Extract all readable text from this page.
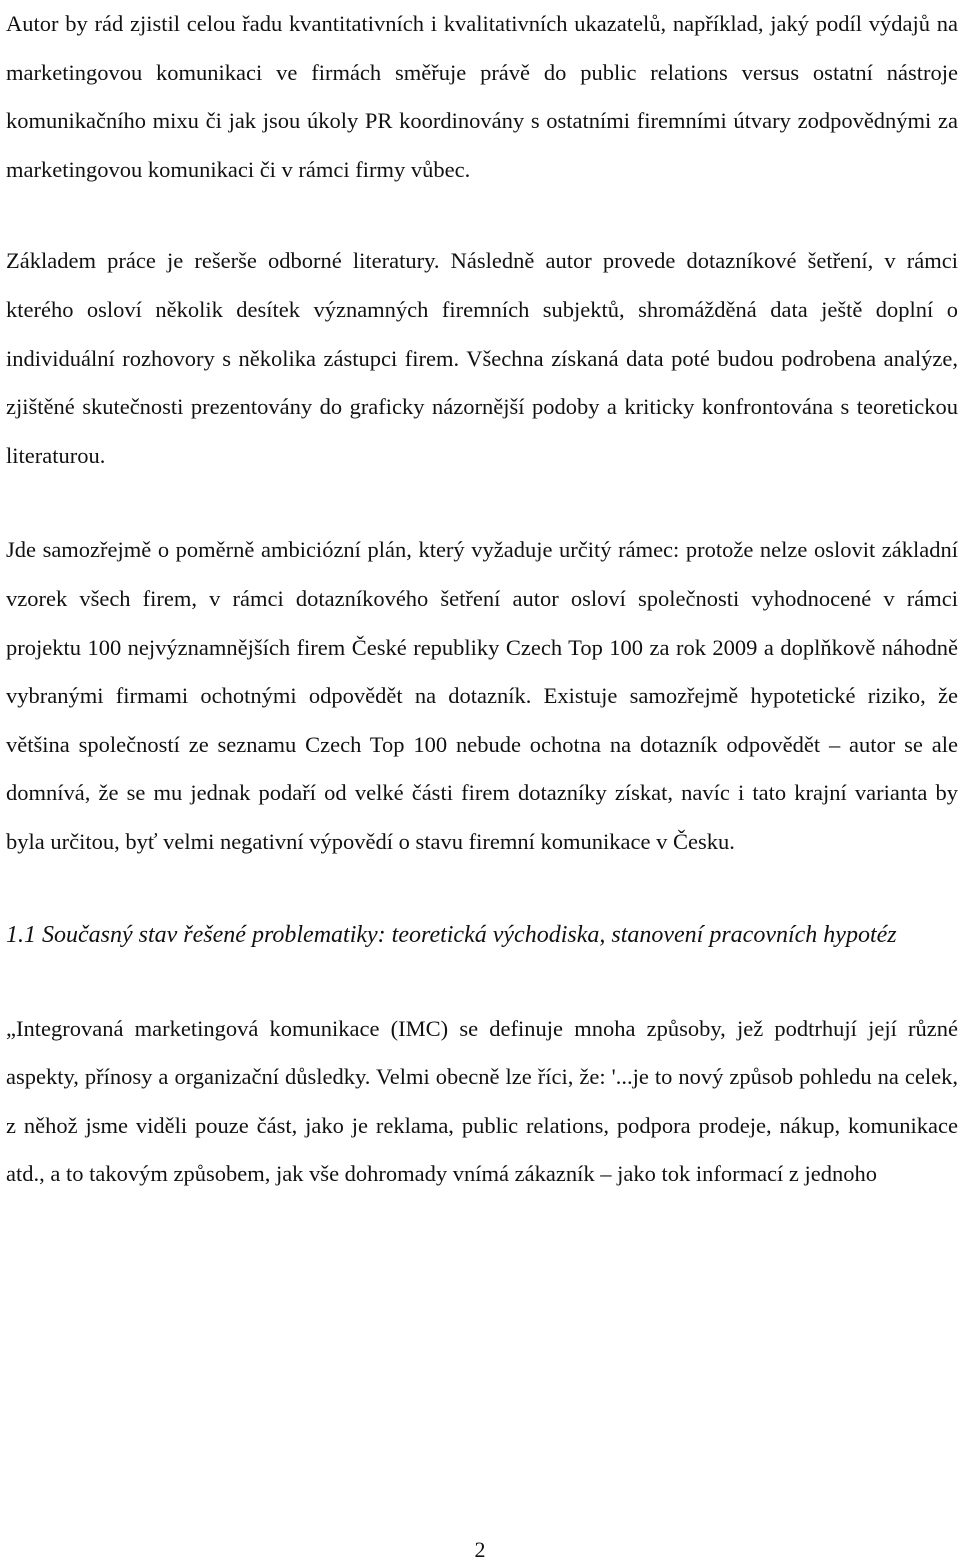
Autor by rád zjistil celou řadu kvantitativních i kvalitativních ukazatelů, například, jaký podíl výdajů na marketingovou komunikaci ve firmách směřuje právě do public relations versus ostatní nástroje komunikačního mixu či jak jsou úkoly PR koordinovány s ostatními firemními útvary zodpovědnými za marketingovou komunikaci či v rámci firmy vůbec.

Základem práce je rešerše odborné literatury. Následně autor provede dotazníkové šetření, v rámci kterého osloví několik desítek významných firemních subjektů, shromážděná data ještě doplní o individuální rozhovory s několika zástupci firem. Všechna získaná data poté budou podrobena analýze, zjištěné skutečnosti prezentovány do graficky názornější podoby a kriticky konfrontována s teoretickou literaturou.

Jde samozřejmě o poměrně ambiciózní plán, který vyžaduje určitý rámec: protože nelze oslovit základní vzorek všech firem, v rámci dotazníkového šetření autor osloví společnosti vyhodnocené v rámci projektu 100 nejvýznamnějších firem České republiky Czech Top 100 za rok 2009 a doplňkově náhodně vybranými firmami ochotnými odpovědět na dotazník. Existuje samozřejmě hypotetické riziko, že většina společností ze seznamu Czech Top 100 nebude ochotna na dotazník odpovědět – autor se ale domnívá, že se mu jednak podaří od velké části firem dotazníky získat, navíc i tato krajní varianta by byla určitou, byť velmi negativní výpovědí o stavu firemní komunikace v Česku.

1.1 Současný stav řešené problematiky: teoretická východiska, stanovení pracovních hypotéz

„Integrovaná marketingová komunikace (IMC) se definuje mnoha způsoby, jež podtrhují její různé aspekty, přínosy a organizační důsledky. Velmi obecně lze říci, že: '...je to nový způsob pohledu na celek, z něhož jsme viděli pouze část, jako je reklama, public relations, podpora prodeje, nákup, komunikace atd., a to takovým způsobem, jak vše dohromady vnímá zákazník – jako tok informací z jednoho

2
